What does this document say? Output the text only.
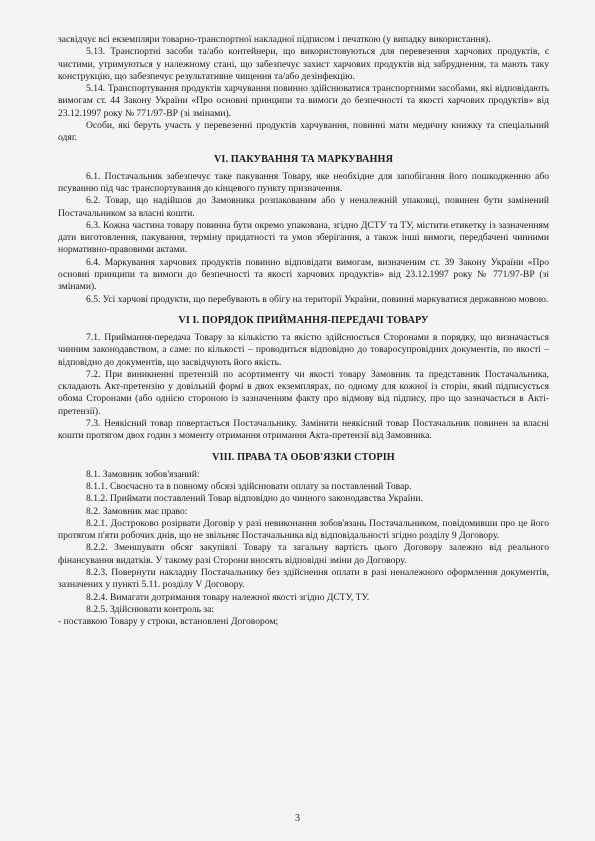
засвідчує всі екземпляри товарно-транспортної накладної підписом і печаткою (у випадку використання).

5.13. Транспортні засоби та/або контейнери, що використовуються для перевезення харчових продуктів, є чистими, утримуються у належному стані, що забезпечує захист харчових продуктів від забруднення, та мають таку конструкцію, що забезпечує результативне чищення та/або дезінфекцію.

5.14. Транспортування продуктів харчування повинно здійснюватися транспортними засобами, які відповідають вимогам ст. 44 Закону України «Про основні принципи та вимоги до безпечності та якості харчових продуктів» від 23.12.1997 року № 771/97-ВР (зі змінами).

Особи, які беруть участь у перевезенні продуктів харчування, повинні мати медичну книжку та спеціальний одяг.

VI. ПАКУВАННЯ ТА МАРКУВАННЯ

6.1. Постачальник забезпечує таке пакування Товару, яке необхідне для запобігання його пошкодженню або псуванню під час транспортування до кінцевого пункту призначення.

6.2. Товар, що надійшов до Замовника розпакованим або у неналежній упаковці, повинен бути замінений Постачальником за власні кошти.

6.3. Кожна частина товару повинна бути окремо упакована, згідно ДСТУ та ТУ, містити етикетку із зазначенням дати виготовлення, пакування, терміну придатності та умов зберігання, а також інші вимоги, передбачені чинними нормативно-правовими актами.

6.4. Маркування харчових продуктів повинно відповідати вимогам, визначеним ст. 39 Закону України «Про основні принципи та вимоги до безпечності та якості харчових продуктів» від 23.12.1997 року № 771/97-ВР (зі змінами).

6.5. Усі харчові продукти, що перебувають в обігу на території України, повинні маркуватися державною мовою.

VI І. ПОРЯДОК ПРИЙМАННЯ-ПЕРЕДАЧІ ТОВАРУ

7.1. Приймання-передача Товару за кількістю та якістю здійснюється Сторонами в порядку, що визначається чинним законодавством, а саме: по кількості – проводиться відповідно до товаросупровідних документів, по якості – відповідно до документів, що засвідчують його якість.

7.2. При виникненні претензій по асортименту чи якості товару Замовник та представник Постачальника, складають Акт-претензію у довільній формі в двох екземплярах, по одному для кожної із сторін, який підписується обома Сторонами (або однією стороною із зазначенням факту про відмову від підпису, про що зазначається в Акті-претензії).

7.3. Неякісний товар повертається Постачальнику. Замінити неякісний товар Постачальник повинен за власні кошти протягом двох годин з моменту отримання отримання Акта-претензії від Замовника.

VIII. ПРАВА ТА ОБОВ'ЯЗКИ СТОРІН

8.1. Замовник зобов'язаний:

8.1.1. Своєчасно та в повному обсязі здійснювати оплату за поставлений Товар.

8.1.2. Приймати поставлений Товар відповідно до чинного законодавства України.

8.2. Замовник має право:

8.2.1. Достроково розірвати Договір у разі невиконання зобов'язань Постачальником, повідомивши про це його протягом п'яти робочих днів, що не звільняє Постачальника від відповідальності згідно розділу 9 Договору.

8.2.2. Зменшувати обсяг закупівлі Товару та загальну вартість цього Договору залежно від реального фінансування видатків. У такому разі Сторони вносять відповідні зміни до Договору.

8.2.3. Повернути накладну Постачальнику без здійснення оплати в разі неналежного оформлення документів, зазначених у пункті 5.11. розділу V Договору.

8.2.4. Вимагати дотримання товару належної якості згідно ДСТУ, ТУ.

8.2.5. Здійснювати контроль за:

- поставкою Товару у строки, встановлені Договором;

3
